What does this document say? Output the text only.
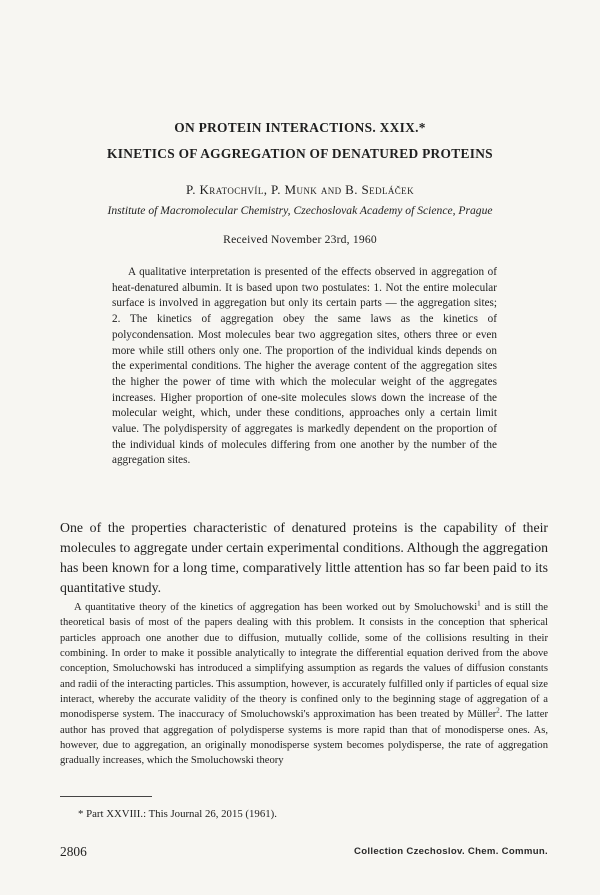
ON PROTEIN INTERACTIONS. XXIX.*
KINETICS OF AGGREGATION OF DENATURED PROTEINS
P. Kratochvíl, P. Munk and B. Sedláček
Institute of Macromolecular Chemistry, Czechoslovak Academy of Science, Prague
Received November 23rd, 1960

A qualitative interpretation is presented of the effects observed in aggregation of heat-denatured albumin. It is based upon two postulates: 1. Not the entire molecular surface is involved in aggregation but only its certain parts — the aggregation sites; 2. The kinetics of aggregation obey the same laws as the kinetics of polycondensation. Most molecules bear two aggregation sites, others three or even more while still others only one. The proportion of the individual kinds depends on the experimental conditions. The higher the average content of the aggregation sites the higher the power of time with which the molecular weight of the aggregates increases. Higher proportion of one-site molecules slows down the increase of the molecular weight, which, under these conditions, approaches only a certain limit value. The polydispersity of aggregates is markedly dependent on the proportion of the individual kinds of molecules differing from one another by the number of the aggregation sites.

One of the properties characteristic of denatured proteins is the capability of their molecules to aggregate under certain experimental conditions. Although the aggregation has been known for a long time, comparatively little attention has so far been paid to its quantitative study.

A quantitative theory of the kinetics of aggregation has been worked out by Smoluchowski$^1$ and is still the theoretical basis of most of the papers dealing with this problem. It consists in the conception that spherical particles approach one another due to diffusion, mutually collide, some of the collisions resulting in their combining. In order to make it possible analytically to integrate the differential equation derived from the above conception, Smoluchowski has introduced a simplifying assumption as regards the values of diffusion constants and radii of the interacting particles. This assumption, however, is accurately fulfilled only if particles of equal size interact, whereby the accurate validity of the theory is confined only to the beginning stage of aggregation of a monodisperse system. The inaccuracy of Smoluchowski's approximation has been treated by Müller$^2$. The latter author has proved that aggregation of polydisperse systems is more rapid than that of monodisperse ones. As, however, due to aggregation, an originally monodisperse system becomes polydisperse, the rate of aggregation gradually increases, which the Smoluchowski theory

* Part XXVIII.: This Journal 26, 2015 (1961).
2806	Collection Czechoslov. Chem. Commun.
